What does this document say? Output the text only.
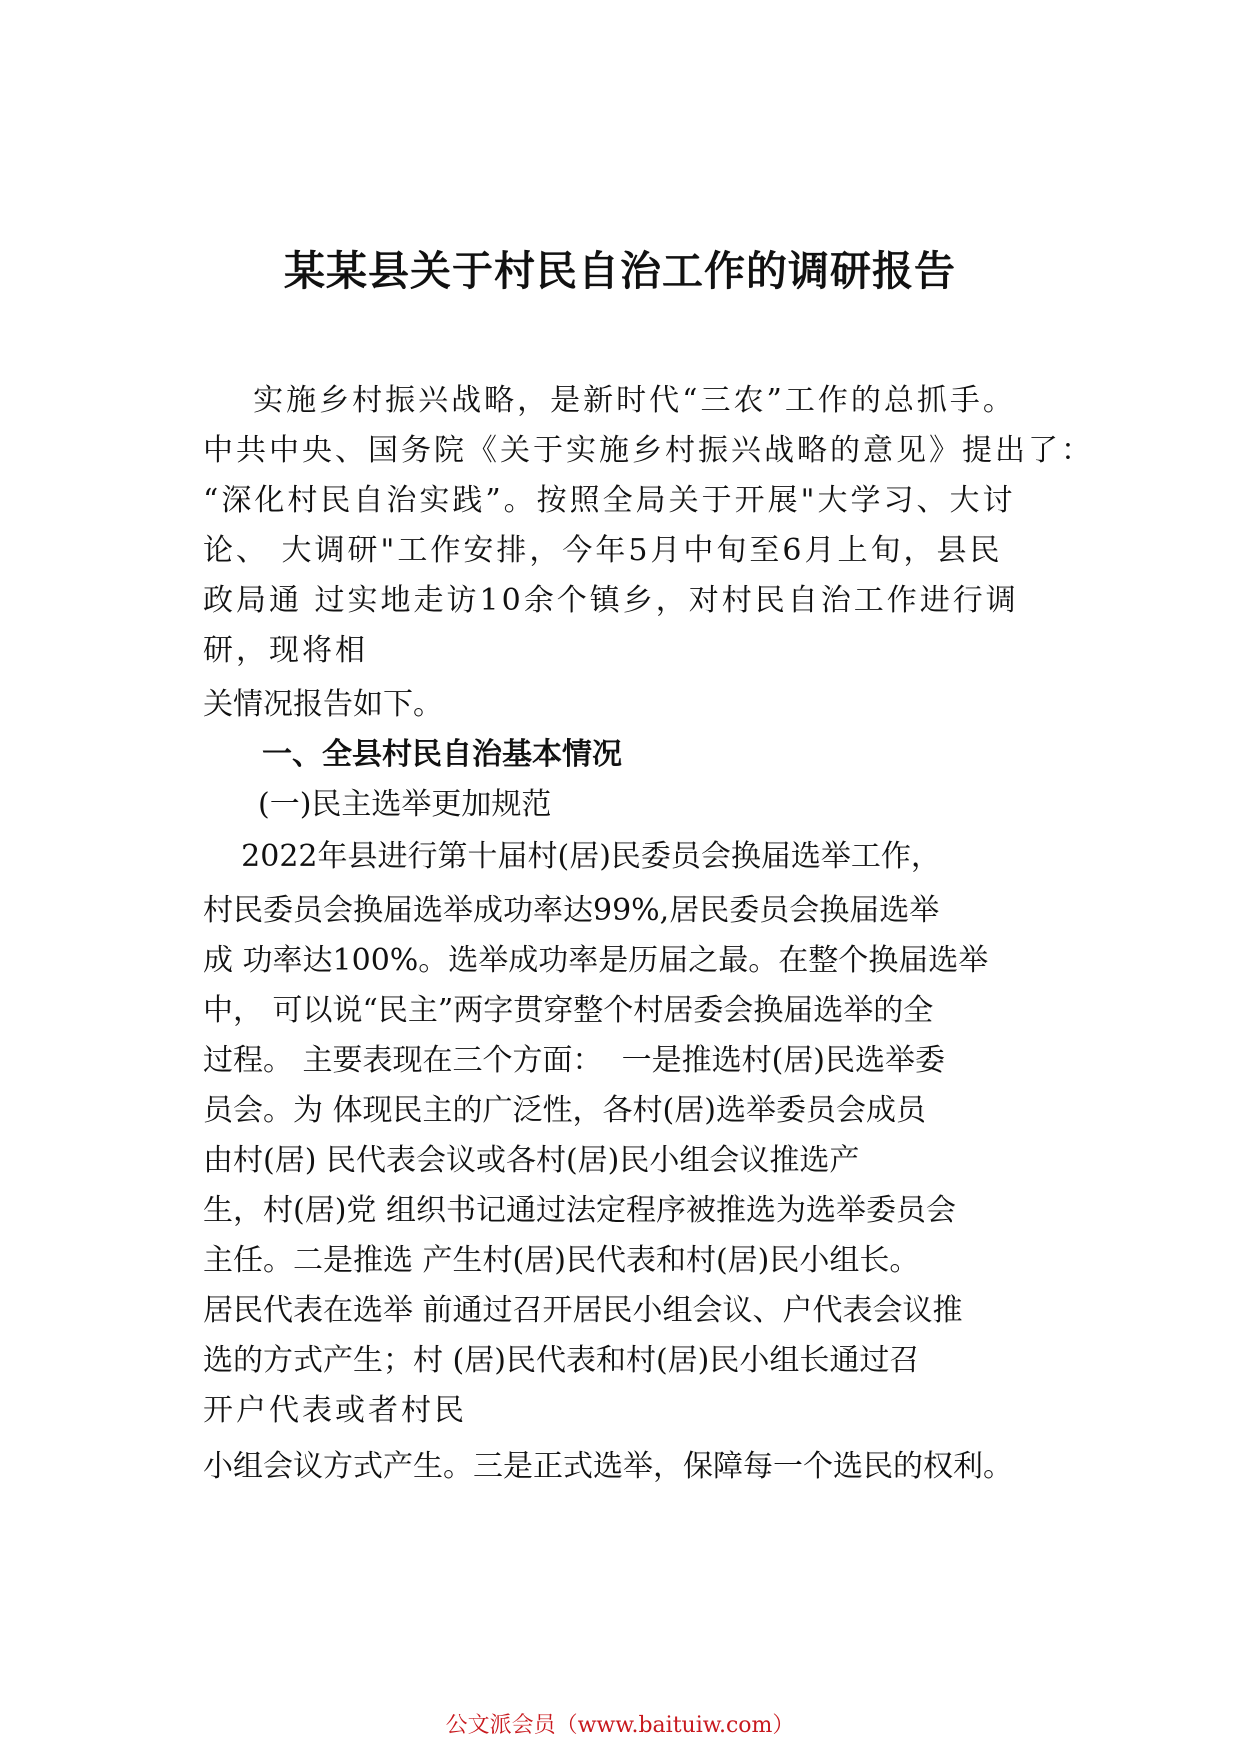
某某县关于村民自治工作的调研报告
实施乡村振兴战略，是新时代“三农”工作的总抓手。
中共中央、国务院《关于实施乡村振兴战略的意见》提出了：
“深化村民自治实践”。按照全局关于开展"大学习、大讨
论、 大调研"工作安排，今年5月中旬至6月上旬，县民
政局通 过实地走访10余个镇乡，对村民自治工作进行调
研，现将相
关情况报告如下。
一、全县村民自治基本情况
(一)民主选举更加规范
2022年县进行第十届村(居)民委员会换届选举工作，
村民委员会换届选举成功率达99%,居民委员会换届选举
成 功率达100%。选举成功率是历届之最。在整个换届选举
中， 可以说“民主”两字贯穿整个村居委会换届选举的全
过程。 主要表现在三个方面：  一是推选村(居)民选举委
员会。为 体现民主的广泛性，各村(居)选举委员会成员
由村(居) 民代表会议或各村(居)民小组会议推选产
生，村(居)党 组织书记通过法定程序被推选为选举委员会
主任。二是推选 产生村(居)民代表和村(居)民小组长。
居民代表在选举 前通过召开居民小组会议、户代表会议推
选的方式产生；村 (居)民代表和村(居)民小组长通过召
开户代表或者村民
小组会议方式产生。三是正式选举，保障每一个选民的权利。
公文派会员（www.baituiw.com）
